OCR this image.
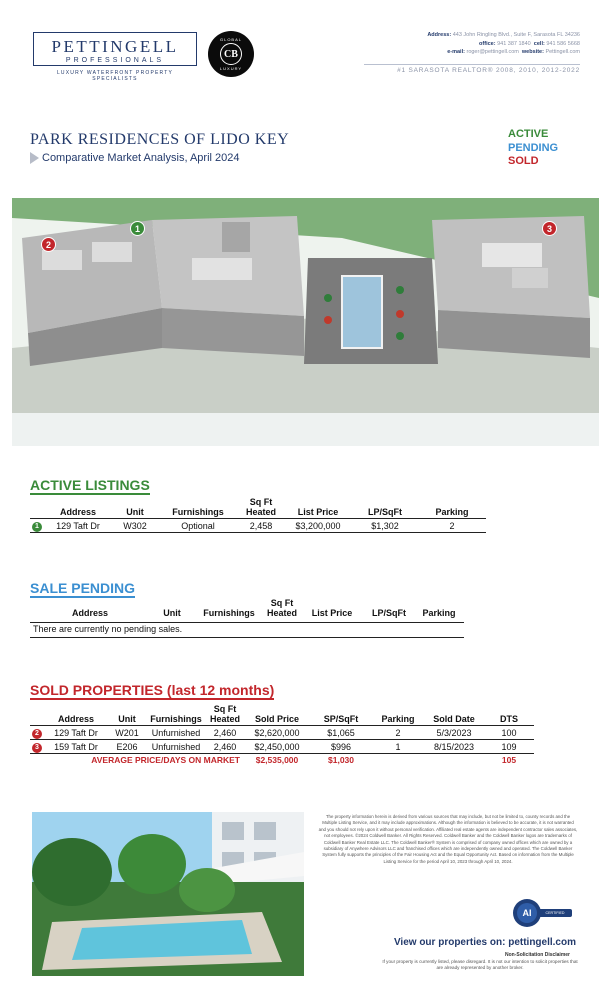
PETTINGELL
PROFESSIONALS
LUXURY WATERFRONT PROPERTY SPECIALISTS
GLOBAL
CB
LUXURY
Address: 443 John Ringling Blvd., Suite F, Sarasota FL 34236
office: 941 387 1840 cell: 941 586 5668
e-mail: roger@pettingell.com website: Pettingell.com
#1 SARASOTA REALTOR® 2008, 2010, 2012-2022
PARK RESIDENCES OF LIDO KEY
Comparative Market Analysis, April 2024
ACTIVE
PENDING
SOLD
1
2
3
ACTIVE LISTINGS
	Address	Unit	Furnishings	Sq Ft Heated	List Price	LP/SqFt	Parking
1	129 Taft Dr	W302	Optional	2,458	$3,200,000	$1,302	2
SALE PENDING
Address	Unit	Furnishings	Sq Ft Heated	List Price	LP/SqFt	Parking
There are currently no pending sales.
SOLD PROPERTIES (last 12 months)
	Address	Unit	Furnishings	Sq Ft Heated	Sold Price	SP/SqFt	Parking	Sold Date	DTS
2	129 Taft Dr	W201	Unfurnished	2,460	$2,620,000	$1,065	2	5/3/2023	100
3	159 Taft Dr	E206	Unfurnished	2,460	$2,450,000	$996	1	8/15/2023	109
AVERAGE PRICE/DAYS ON MARKET					$2,535,000	$1,030			105
The property information herein is derived from various sources that may include, but not be limited to, county records and the Multiple Listing Service, and it may include approximations. Although the information is believed to be accurate, it is not warranted and you should not rely upon it without personal verification. Affiliated real estate agents are independent contractor sales associates, not employees. ©2024 Coldwell Banker. All Rights Reserved. Coldwell Banker and the Coldwell Banker logos are trademarks of Coldwell Banker Real Estate LLC. The Coldwell Banker® System is comprised of company owned offices which are owned by a subsidiary of Anywhere Advisors LLC and franchised offices which are independently owned and operated. The Coldwell Banker System fully supports the principles of the Fair Housing Act and the Equal Opportunity Act. Based on information from the Multiple Listing Service for the period April 10, 2023 through April 10, 2024.
AI	CERTIFIED AGENT
View our properties on: pettingell.com
Non-Solicitation Disclaimer
If your property is currently listed, please disregard. It is not our intention to solicit properties that are already represented by another broker.
